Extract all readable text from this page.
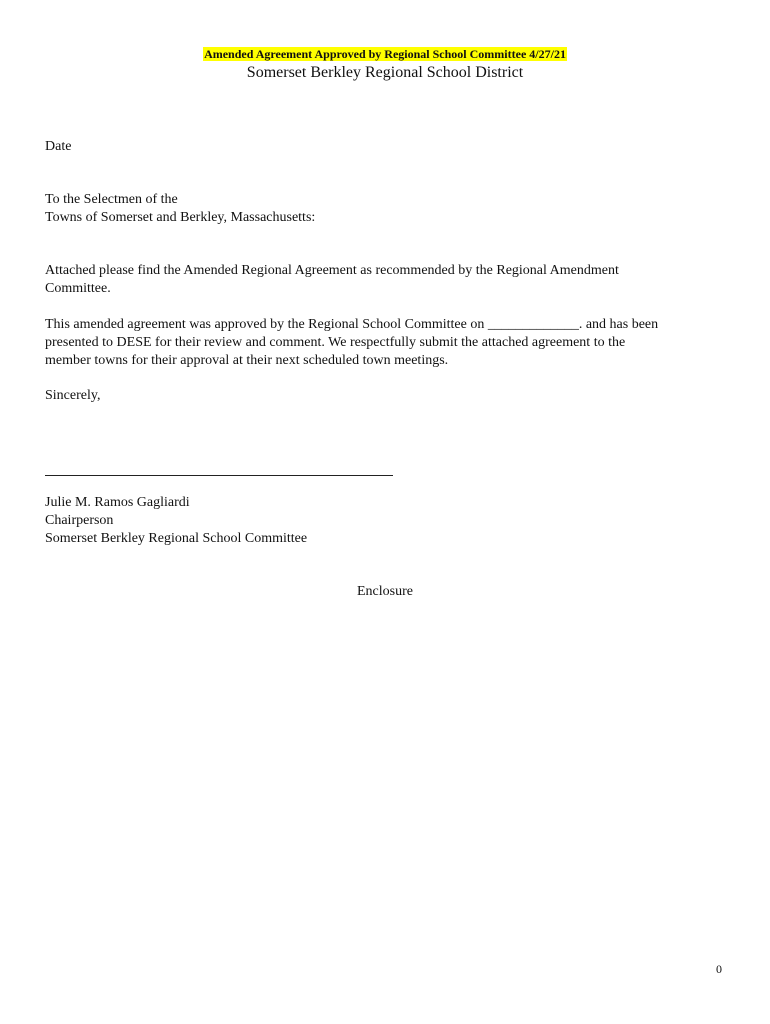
Amended Agreement Approved by Regional School Committee 4/27/21
Somerset Berkley Regional School District
Date
To the Selectmen of the
Towns of Somerset and Berkley, Massachusetts:
Attached please find the Amended Regional Agreement as recommended by the Regional Amendment
Committee.
This amended agreement was approved by the Regional School Committee on _____________. and has been
presented to DESE for their review and comment. We respectfully submit the attached agreement to the
member towns for their approval at their next scheduled town meetings.
Sincerely,
Julie M. Ramos Gagliardi
Chairperson
Somerset Berkley Regional School Committee
Enclosure
0
